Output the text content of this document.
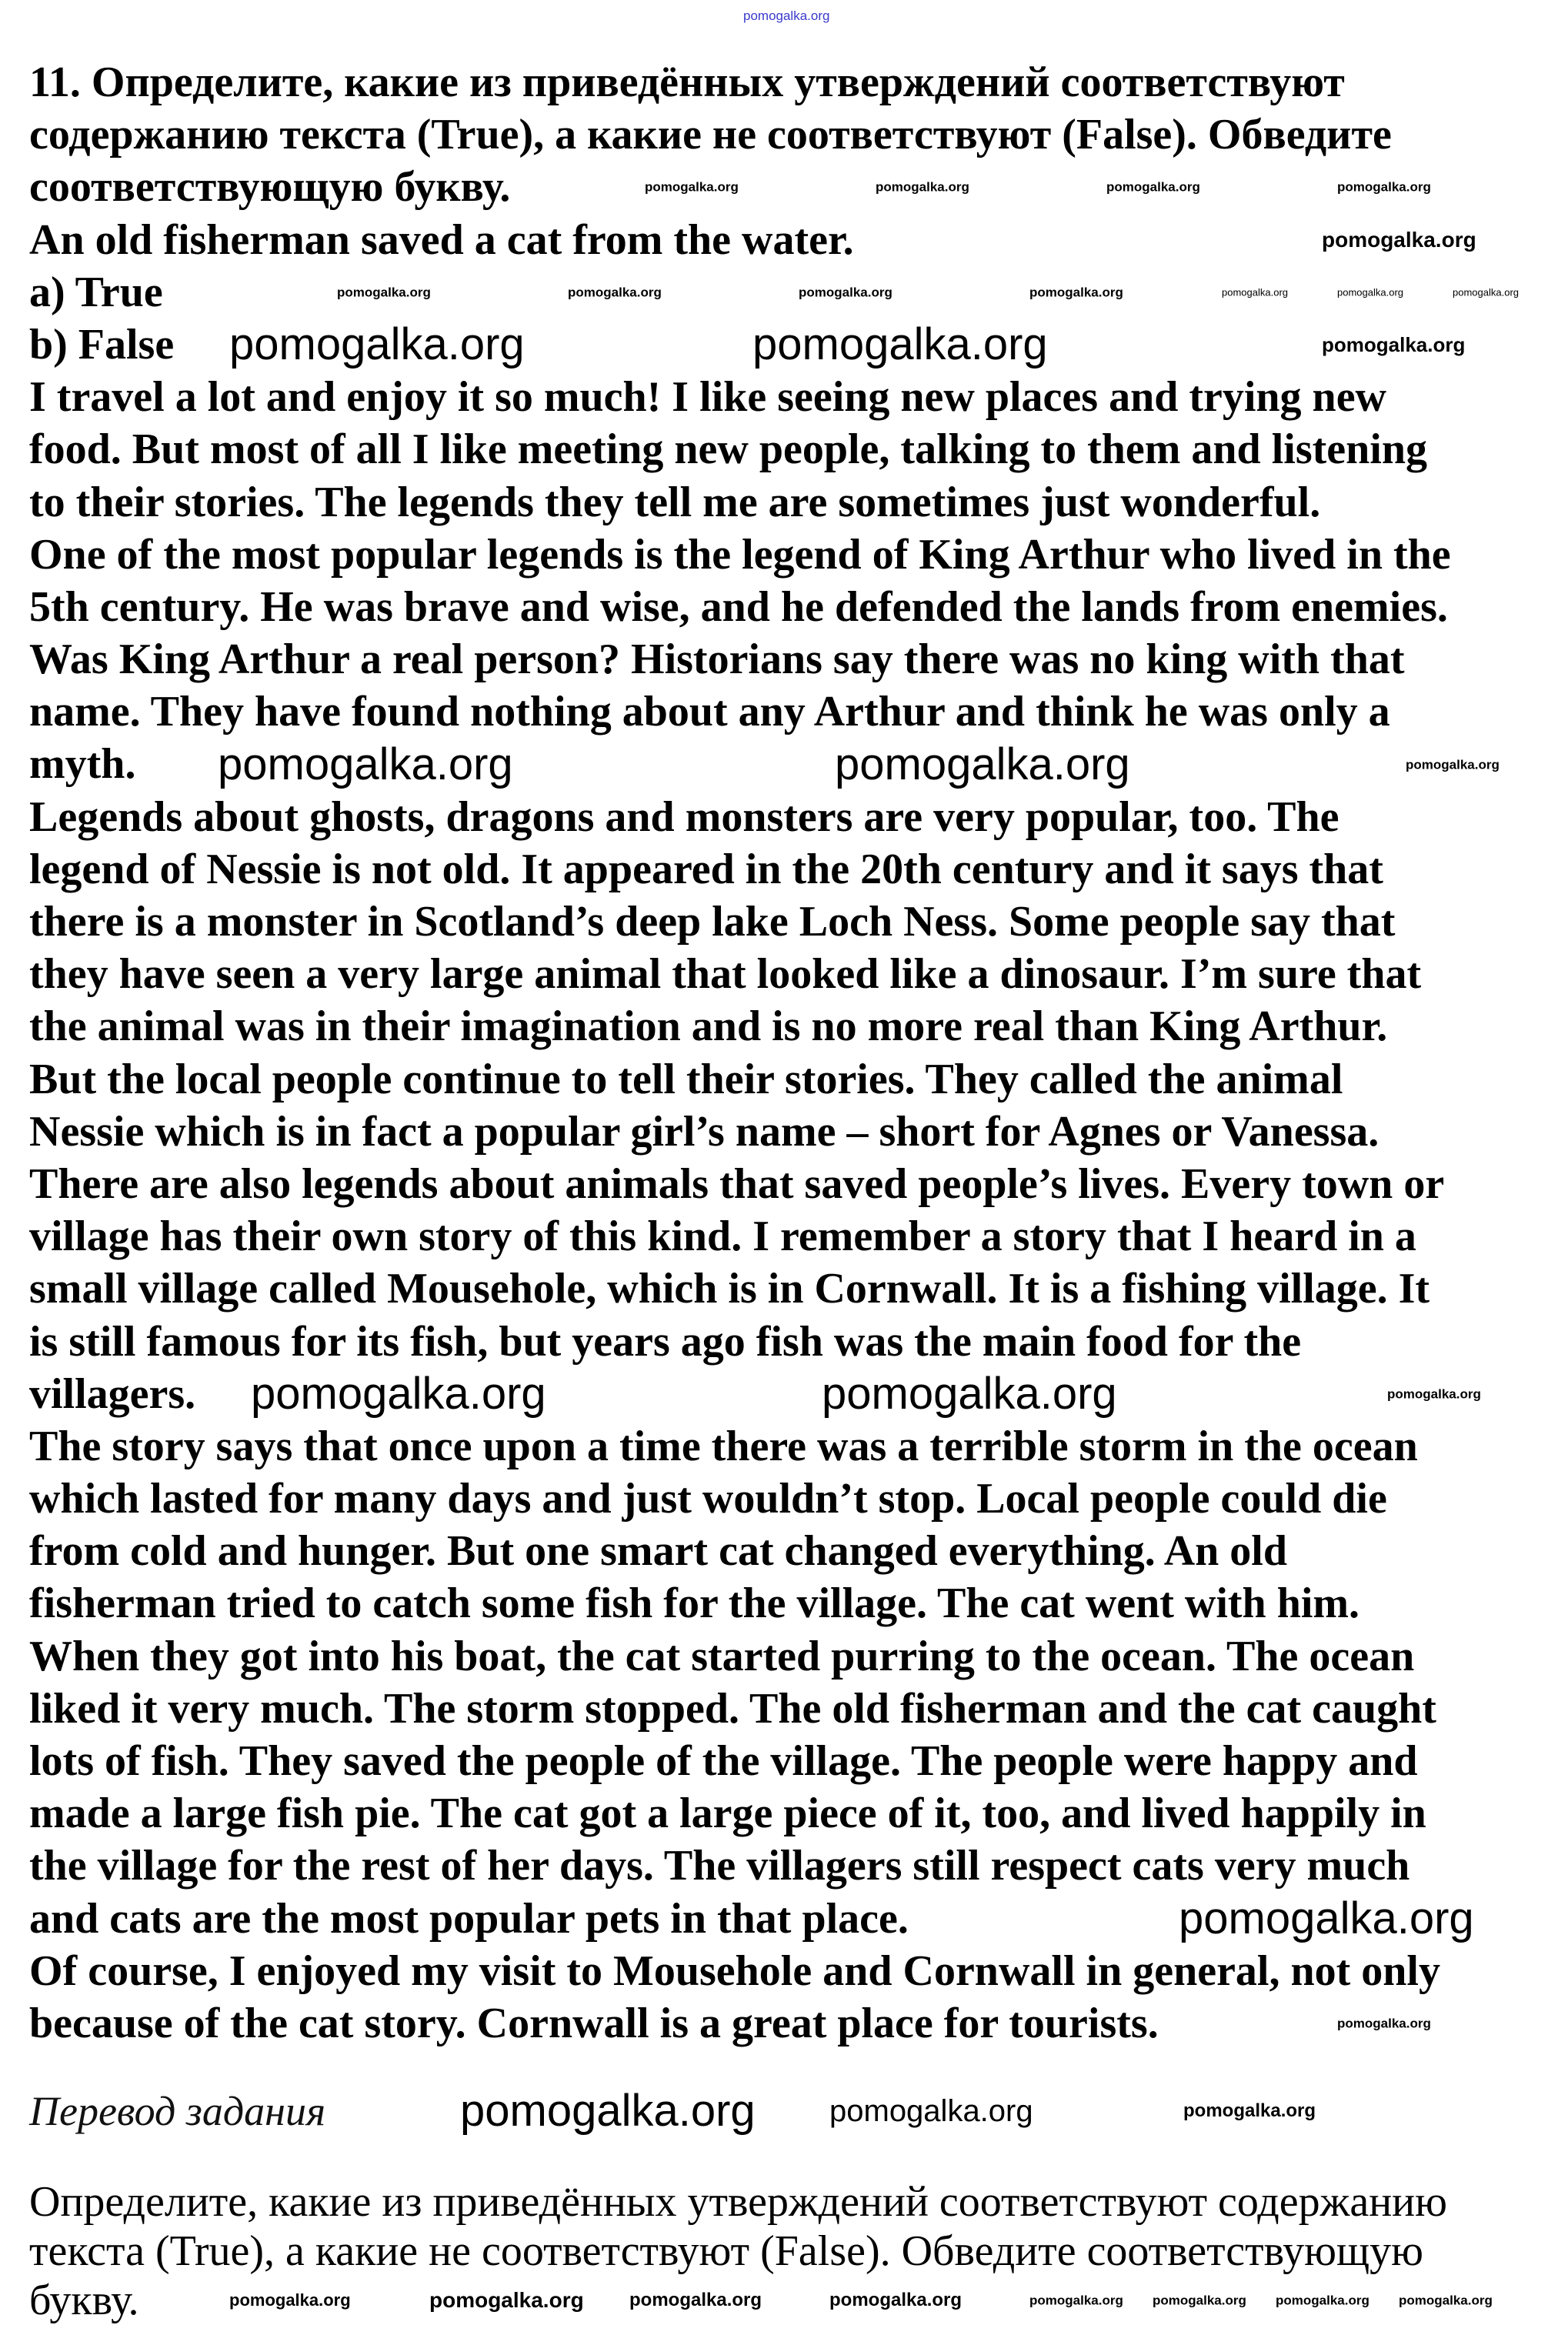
pomogalka.org
11. Определите, какие из приведённых утверждений соответствуют
содержанию текста (True), а какие не соответствуют (False). Обведите
соответствующую букву.	pomogalka.org	pomogalka.org	pomogalka.org	pomogalka.org
An old fisherman saved a cat from the water.	pomogalka.org
a) True	pomogalka.org	pomogalka.org	pomogalka.org	pomogalka.org	pomogalka.org	pomogalka.org	pomogalka.org
b) False pomogalka.org	pomogalka.org	pomogalka.org
I travel a lot and enjoy it so much! I like seeing new places and trying new
food. But most of all I like meeting new people, talking to them and listening
to their stories. The legends they tell me are sometimes just wonderful.
One of the most popular legends is the legend of King Arthur who lived in the
5th century. He was brave and wise, and he defended the lands from enemies.
Was King Arthur a real person? Historians say there was no king with that
name. They have found nothing about any Arthur and think he was only a
myth. pomogalka.org	pomogalka.org	pomogalka.org
Legends about ghosts, dragons and monsters are very popular, too. The
legend of Nessie is not old. It appeared in the 20th century and it says that
there is a monster in Scotland’s deep lake Loch Ness. Some people say that
they have seen a very large animal that looked like a dinosaur. I’m sure that
the animal was in their imagination and is no more real than King Arthur.
But the local people continue to tell their stories. They called the animal
Nessie which is in fact a popular girl’s name – short for Agnes or Vanessa.
There are also legends about animals that saved people’s lives. Every town or
village has their own story of this kind. I remember a story that I heard in a
small village called Mousehole, which is in Cornwall. It is a fishing village. It
is still famous for its fish, but years ago fish was the main food for the
villagers. pomogalka.org	pomogalka.org	pomogalka.org
The story says that once upon a time there was a terrible storm in the ocean
which lasted for many days and just wouldn’t stop. Local people could die
from cold and hunger. But one smart cat changed everything. An old
fisherman tried to catch some fish for the village. The cat went with him.
When they got into his boat, the cat started purring to the ocean. The ocean
liked it very much. The storm stopped. The old fisherman and the cat caught
lots of fish. They saved the people of the village. The people were happy and
made a large fish pie. The cat got a large piece of it, too, and lived happily in
the village for the rest of her days. The villagers still respect cats very much
and cats are the most popular pets in that place.	pomogalka.org
Of course, I enjoyed my visit to Mousehole and Cornwall in general, not only
because of the cat story. Cornwall is a great place for tourists.	pomogalka.org
Перевод задания	pomogalka.org pomogalka.org	pomogalka.org
Определите, какие из приведённых утверждений соответствуют содержанию
текста (True), а какие не соответствуют (False). Обведите соответствующую
букву.	pomogalka.org	pomogalka.org pomogalka.org	pomogalka.org	pomogalka.org pomogalka.org pomogalka.org pomogalka.org
